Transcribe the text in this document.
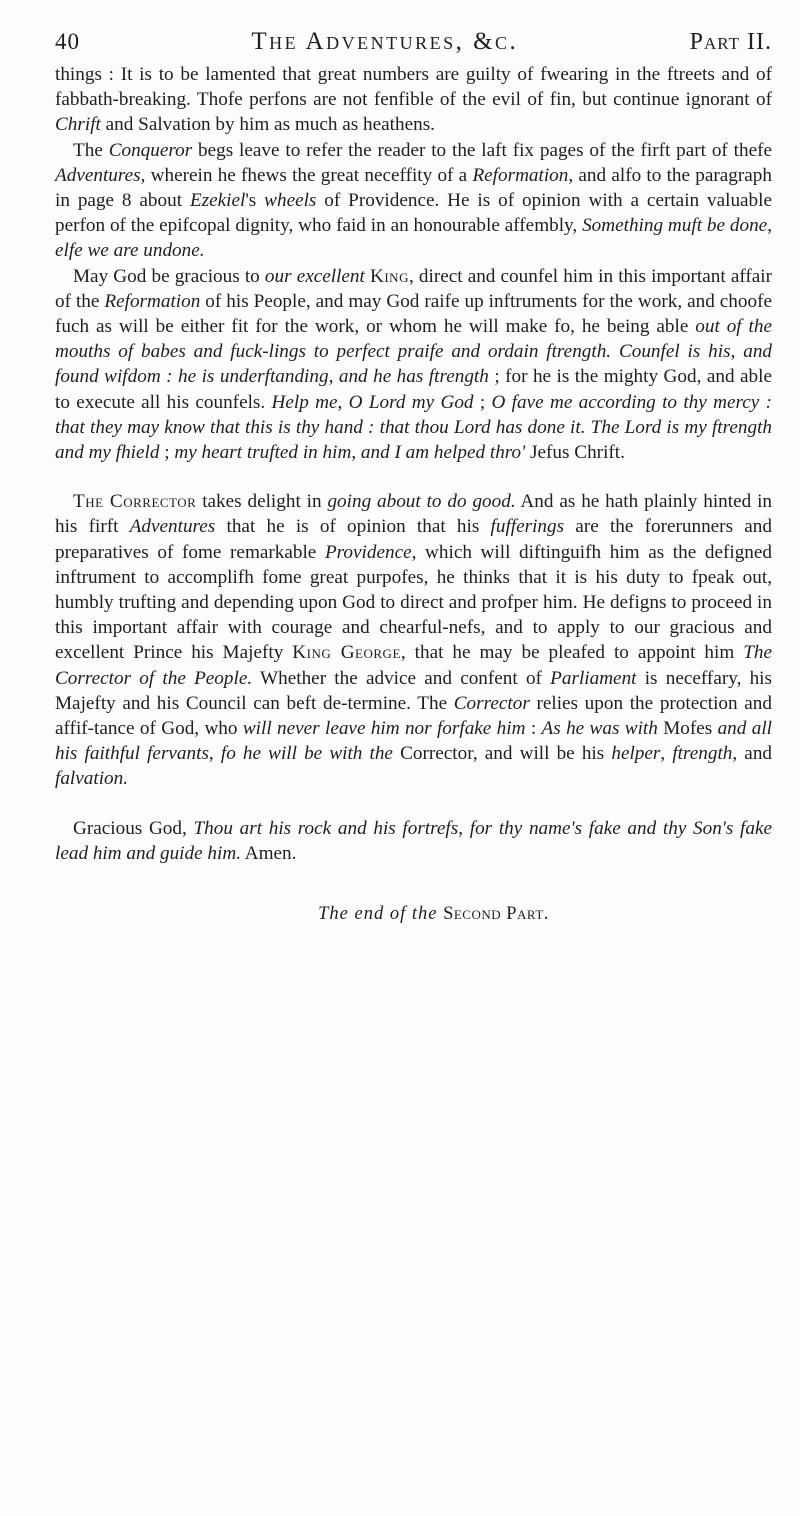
40	The Adventures, &c.	Part II.

things : It is to be lamented that great numbers are guilty of fwearing in the ftreets and of fabbath-breaking. Thofe perfons are not fenfible of the evil of fin, but continue ignorant of Chrift and Salvation by him as much as heathens.

The Conqueror begs leave to refer the reader to the laft fix pages of the firft part of thefe Adventures, wherein he fhews the great neceffity of a Reformation, and alfo to the paragraph in page 8 about Ezekiel's wheels of Providence. He is of opinion with a certain valuable perfon of the epifcopal dignity, who faid in an honourable affembly, Something muft be done, elfe we are undone.

May God be gracious to our excellent King, direct and counfel him in this important affair of the Reformation of his People, and may God raife up inftruments for the work, and choofe fuch as will be either fit for the work, or whom he will make fo, he being able out of the mouths of babes and fuck-lings to perfect praife and ordain ftrength. Counfel is his, and found wifdom : he is underftanding, and he has ftrength ; for he is the mighty God, and able to execute all his counfels. Help me, O Lord my God ; O fave me according to thy mercy : that they may know that this is thy hand : that thou Lord has done it. The Lord is my ftrength and my fhield ; my heart trufted in him, and I am helped thro' Jefus Chrift.

The Corrector takes delight in going about to do good. And as he hath plainly hinted in his firft Adventures that he is of opinion that his fufferings are the forerunners and preparatives of fome remarkable Providence, which will diftinguifh him as the defigned inftrument to accomplifh fome great purpofes, he thinks that it is his duty to fpeak out, humbly trufting and depending upon God to direct and profper him. He defigns to proceed in this important affair with courage and chearful-nefs, and to apply to our gracious and excellent Prince his Majefty King George, that he may be pleafed to appoint him The Corrector of the People. Whether the advice and confent of Parliament is neceffary, his Majefty and his Council can beft de-termine. The Corrector relies upon the protection and affif-tance of God, who will never leave him nor forfake him : As he was with Mofes and all his faithful fervants, fo he will be with the Corrector, and will be his helper, ftrength, and falvation.

Gracious God, Thou art his rock and his fortrefs, for thy name's fake and thy Son's fake lead him and guide him. Amen.

The end of the Second Part.
